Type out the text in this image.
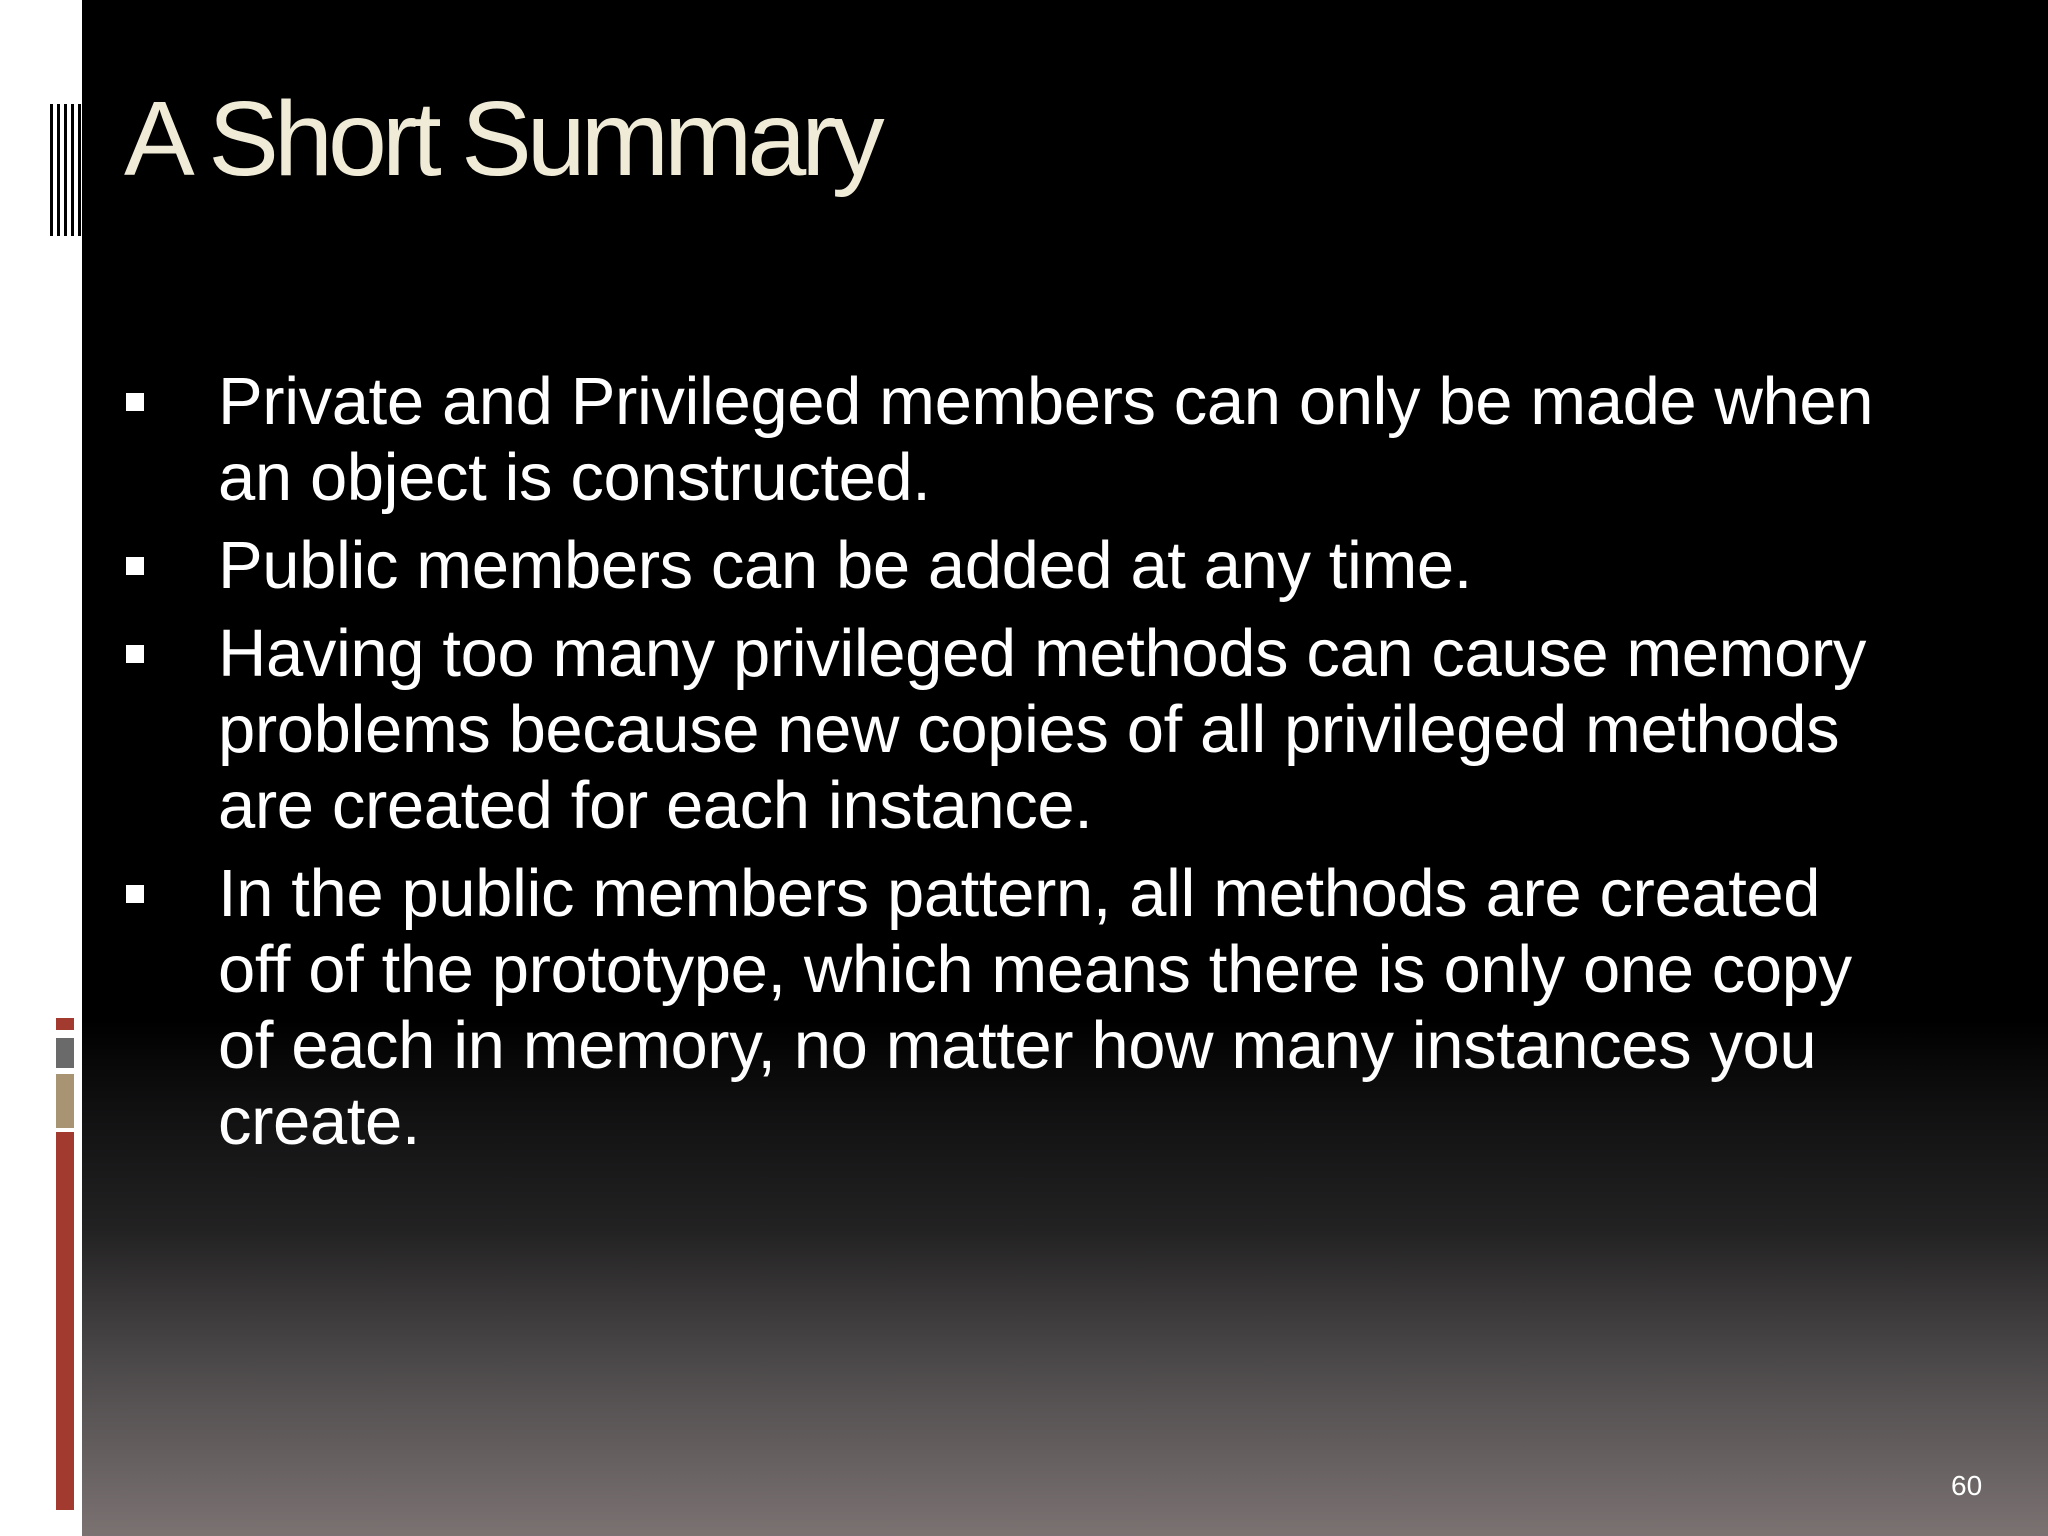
A Short Summary
Private and Privileged members can only be made when an object is constructed.
Public members can be added at any time.
Having too many privileged methods can cause memory problems because new copies of all privileged methods are created for each instance.
In the public members pattern, all methods are created off of the prototype, which means there is only one copy of each in memory, no matter how many instances you create.
60
